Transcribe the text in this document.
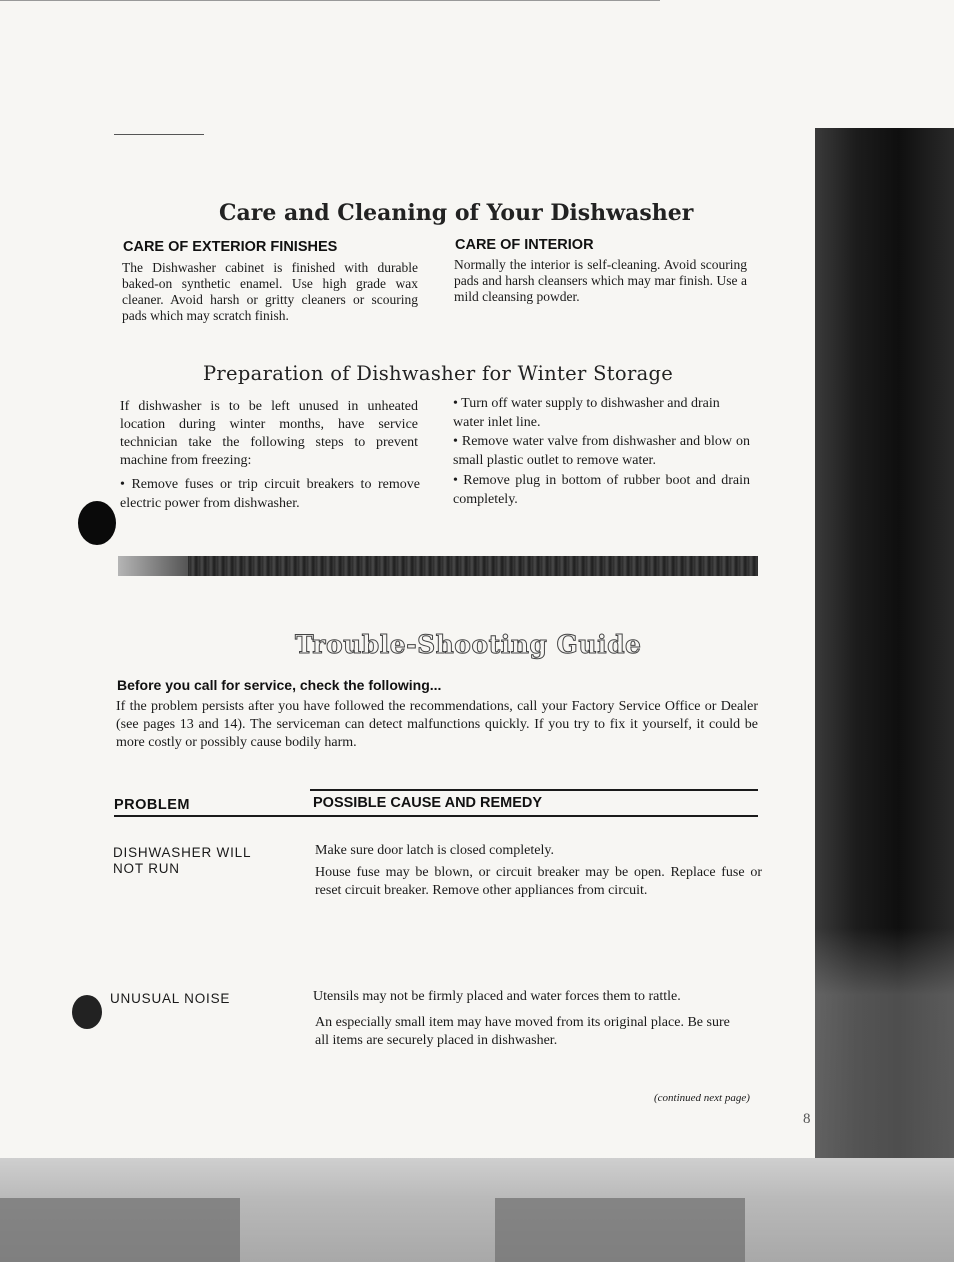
Care and Cleaning of Your Dishwasher
CARE OF EXTERIOR FINISHES

The Dishwasher cabinet is finished with durable baked-on synthetic enamel. Use high grade wax cleaner. Avoid harsh or gritty cleaners or scouring pads which may scratch finish.

CARE OF INTERIOR

Normally the interior is self-cleaning. Avoid scouring pads and harsh cleansers which may mar finish. Use a mild cleansing powder.

Preparation of Dishwasher for Winter Storage

If dishwasher is to be left unused in unheated location during winter months, have service technician take the following steps to prevent machine from freezing:

• Remove fuses or trip circuit breakers to remove electric power from dishwasher.

• Turn off water supply to dishwasher and drain water inlet line.

• Remove water valve from dishwasher and blow on small plastic outlet to remove water.

• Remove plug in bottom of rubber boot and drain completely.

Trouble-Shooting Guide
Before you call for service, check the following...

If the problem persists after you have followed the recommendations, call your Factory Service Office or Dealer (see pages 13 and 14). The serviceman can detect malfunctions quickly. If you try to fix it yourself, it could be more costly or possibly cause bodily harm.

PROBLEM	POSSIBLE CAUSE AND REMEDY

DISHWASHER WILL NOT RUN

Make sure door latch is closed completely.

House fuse may be blown, or circuit breaker may be open. Replace fuse or reset circuit breaker. Remove other appliances from circuit.

UNUSUAL NOISE	Utensils may not be firmly placed and water forces them to rattle.

An especially small item may have moved from its original place. Be sure all items are securely placed in dishwasher.

(continued next page)

8
